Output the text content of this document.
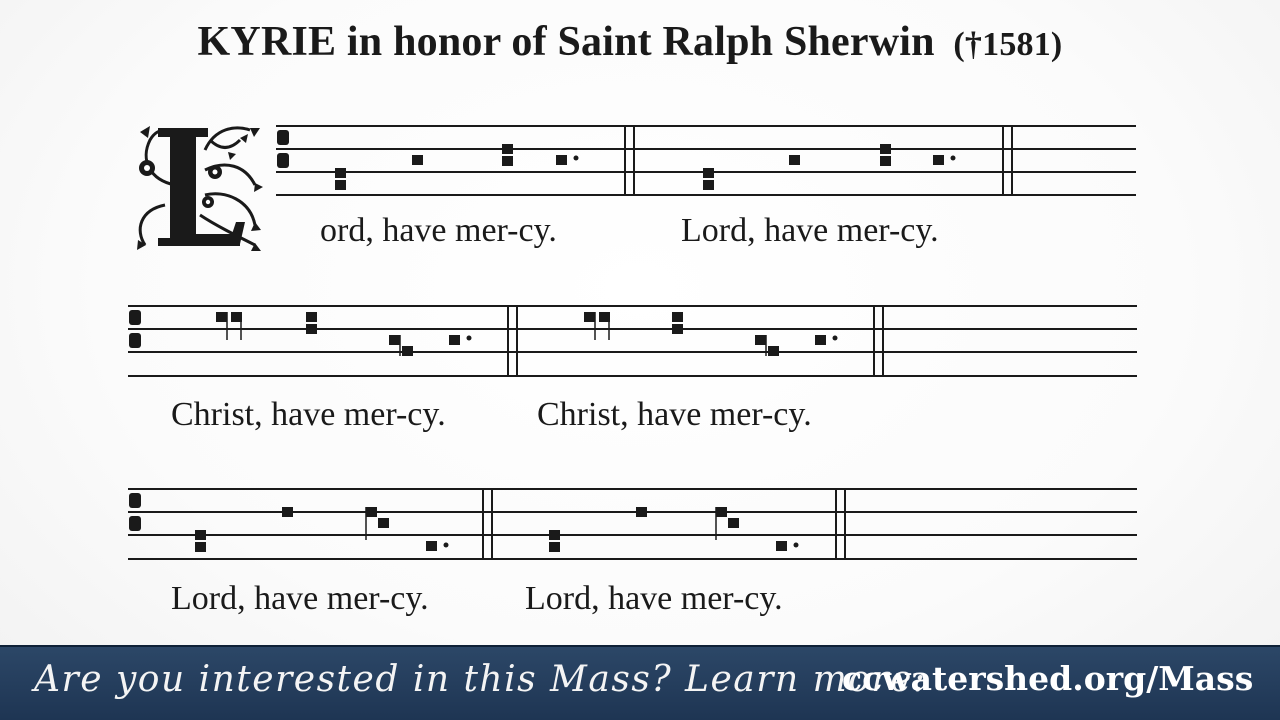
KYRIE in honor of Saint Ralph Sherwin (†1581)
ord, have mer-cy.	Lord, have mer-cy.
Christ, have mer-cy.	Christ, have mer-cy.
Lord, have mer-cy.	Lord, have mer-cy.
Are you interested in this Mass? Learn more:
ccwatershed.org/Mass
